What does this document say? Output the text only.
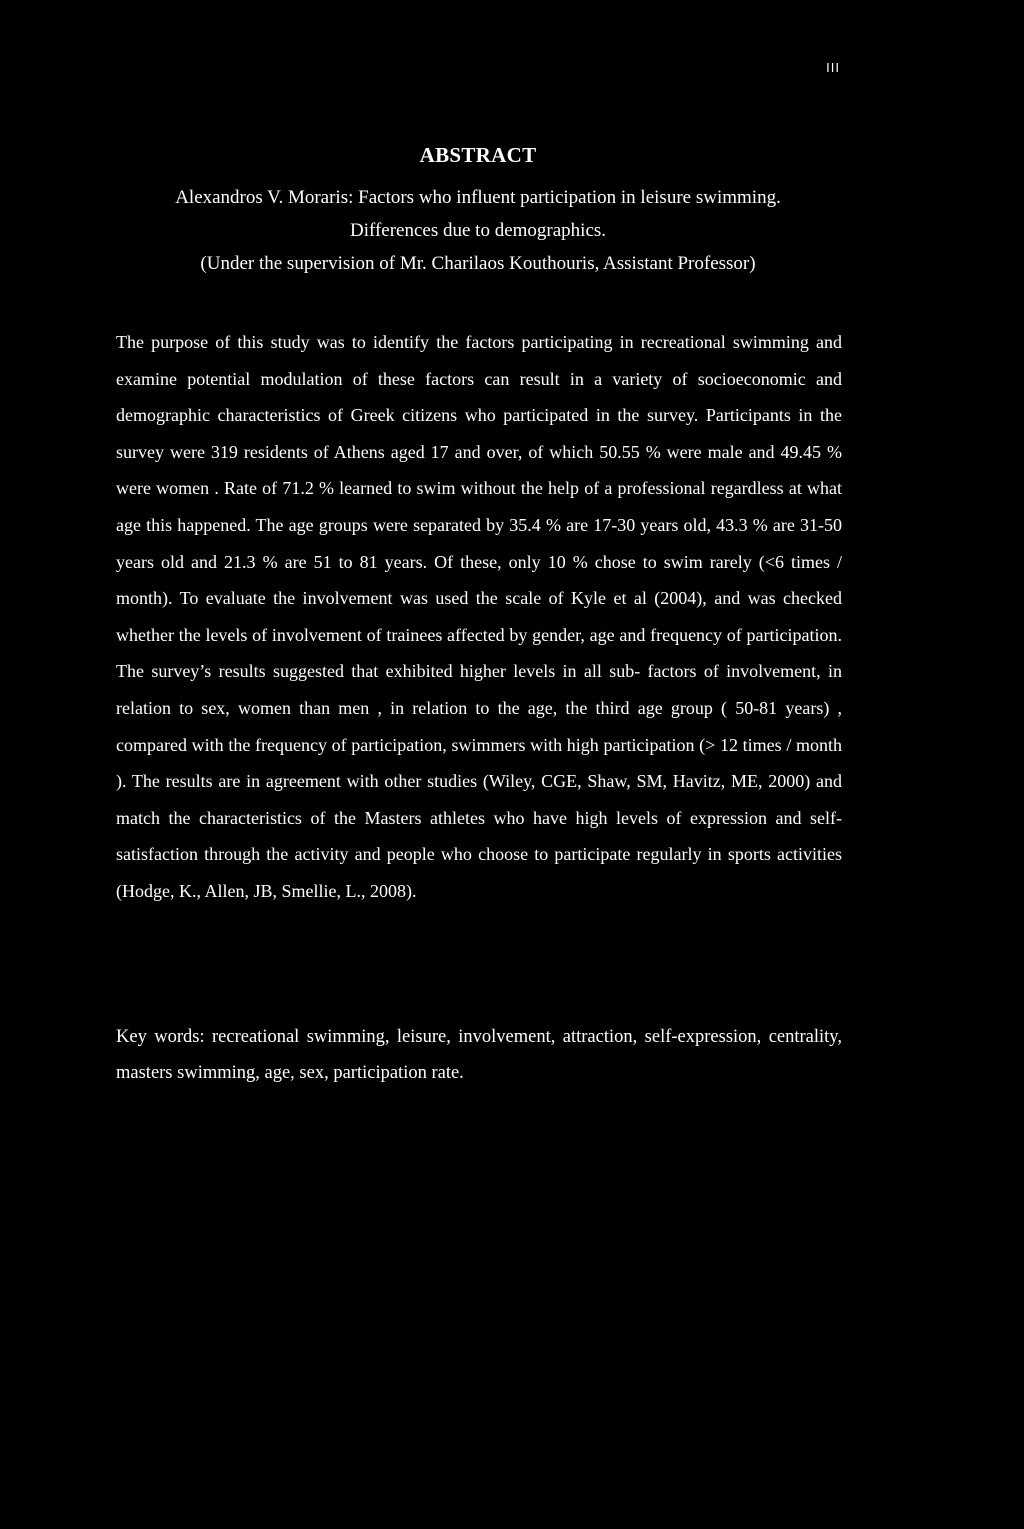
III
ABSTRACT
Alexandros V. Moraris: Factors who influent participation in leisure swimming.
Differences due to demographics.
(Under the supervision of Mr. Charilaos Kouthouris, Assistant Professor)

The purpose of this study was to identify the factors participating in recreational swimming and examine potential modulation of these factors can result in a variety of socioeconomic and demographic characteristics of Greek citizens who participated in the survey. Participants in the survey were 319 residents of Athens aged 17 and over, of which 50.55 % were male and 49.45 % were women . Rate of 71.2 % learned to swim without the help of a professional regardless at what age this happened. The age groups were separated by 35.4 % are 17-30 years old, 43.3 % are 31-50 years old and 21.3 % are 51 to 81 years. Of these, only 10 % chose to swim rarely (<6 times / month). To evaluate the involvement was used the scale of Kyle et al (2004), and was checked whether the levels of involvement of trainees affected by gender, age and frequency of participation. The survey’s results suggested that exhibited higher levels in all sub- factors of involvement, in relation to sex, women than men , in relation to the age, the third age group ( 50-81 years) , compared with the frequency of participation, swimmers with high participation (> 12 times / month ). The results are in agreement with other studies (Wiley, CGE, Shaw, SM, Havitz, ME, 2000) and match the characteristics of the Masters athletes who have high levels of expression and self-satisfaction through the activity and people who choose to participate regularly in sports activities (Hodge, K., Allen, JB, Smellie, L., 2008).

Key words: recreational swimming, leisure, involvement, attraction, self-expression, centrality, masters swimming, age, sex, participation rate.
